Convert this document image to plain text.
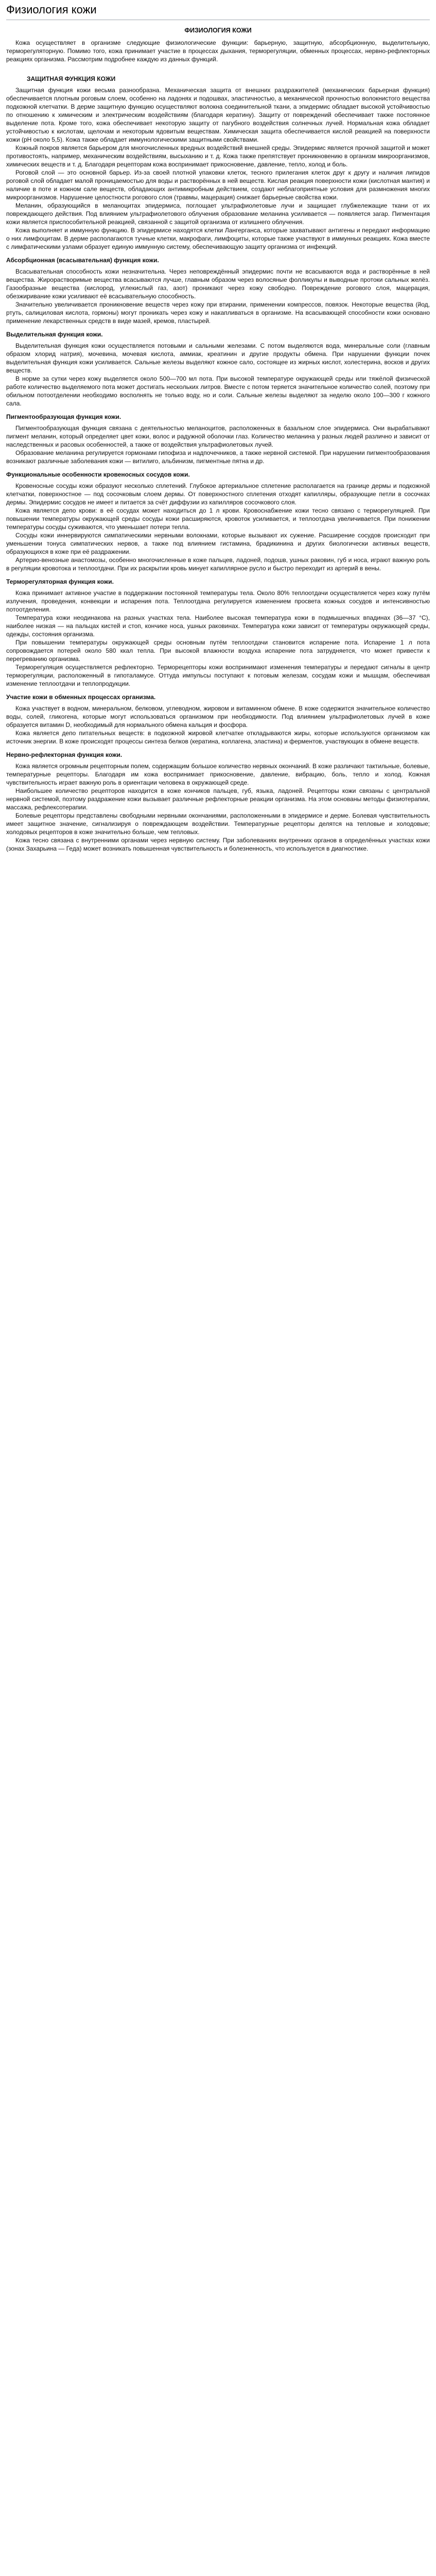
Физиология кожи
ФИЗИОЛОГИЯ КОЖИ

Кожа осуществляет в организме следующие физиологические функции: барьерную, защитную, абсорбционную, выделительную, терморегуляторную. Помимо того, кожа принимает участие в процессах дыхания, терморегуляции, обменных процессах, нервно-рефлекторных реакциях организма. Рассмотрим подробнее каждую из данных функций.

ЗАЩИТНАЯ ФУНКЦИЯ КОЖИ

Защитная функция кожи весьма разнообразна. Механическая защита от внешних раздражителей (механических барьерная функция) обеспечивается плотным роговым слоем, особенно на ладонях и подошвах, эластичностью, а механической прочностью волокнистого вещества подкожной клетчатки. В дерме защитную функцию осуществляют волокна соединительной ткани, а эпидермис обладает высокой устойчивостью по отношению к химическим и электрическим воздействиям (благодаря кератину). Защиту от повреждений обеспечивает также постоянное выделение пота. Кроме того, кожа обеспечивает некоторую защиту от пагубного воздействия солнечных лучей. Нормальная кожа обладает устойчивостью к кислотам, щелочам и некоторым ядовитым веществам. Химическая защита обеспечивается кислой реакцией на поверхности кожи (pH около 5,5). Кожа также обладает иммунологическими защитными свойствами.

Кожный покров является барьером для многочисленных вредных воздействий внешней среды. Эпидермис является прочной защитой и может противостоять, например, механическим воздействиям, высыханию и т. д. Кожа также препятствует проникновению в организм микроорганизмов, химических веществ и т. д. Благодаря рецепторам кожа воспринимает прикосновение, давление, тепло, холод и боль.

Роговой слой — это основной барьер. Из-за своей плотной упаковки клеток, тесного прилегания клеток друг к другу и наличия липидов роговой слой обладает малой проницаемостью для воды и растворённых в ней веществ. Кислая реакция поверхности кожи (кислотная мантия) и наличие в поте и кожном сале веществ, обладающих антимикробным действием, создают неблагоприятные условия для размножения многих микроорганизмов. Нарушение целостности рогового слоя (травмы, мацерация) снижает барьерные свойства кожи.

Меланин, образующийся в меланоцитах эпидермиса, поглощает ультрафиолетовые лучи и защищает глубжележащие ткани от их повреждающего действия. Под влиянием ультрафиолетового облучения образование меланина усиливается — появляется загар. Пигментация кожи является приспособительной реакцией, связанной с защитой организма от излишнего облучения.

Кожа выполняет и иммунную функцию. В эпидермисе находятся клетки Лангерганса, которые захватывают антигены и передают информацию о них лимфоцитам. В дерме располагаются тучные клетки, макрофаги, лимфоциты, которые также участвуют в иммунных реакциях. Кожа вместе с лимфатическими узлами образует единую иммунную систему, обеспечивающую защиту организма от инфекций.

Абсорбционная (всасывательная) функция кожи.

Всасывательная способность кожи незначительна. Через неповреждённый эпидермис почти не всасываются вода и растворённые в ней вещества. Жирорастворимые вещества всасываются лучше, главным образом через волосяные фолликулы и выводные протоки сальных желёз. Газообразные вещества (кислород, углекислый газ, азот) проникают через кожу свободно. Повреждение рогового слоя, мацерация, обезжиривание кожи усиливают её всасывательную способность.

Значительно увеличивается проникновение веществ через кожу при втирании, применении компрессов, повязок. Некоторые вещества (йод, ртуть, салициловая кислота, гормоны) могут проникать через кожу и накапливаться в организме. На всасывающей способности кожи основано применение лекарственных средств в виде мазей, кремов, пластырей.

Выделительная функция кожи.

Выделительная функция кожи осуществляется потовыми и сальными железами. С потом выделяются вода, минеральные соли (главным образом хлорид натрия), мочевина, мочевая кислота, аммиак, креатинин и другие продукты обмена. При нарушении функции почек выделительная функция кожи усиливается. Сальные железы выделяют кожное сало, состоящее из жирных кислот, холестерина, восков и других веществ.

В норме за сутки через кожу выделяется около 500—700 мл пота. При высокой температуре окружающей среды или тяжёлой физической работе количество выделяемого пота может достигать нескольких литров. Вместе с потом теряется значительное количество солей, поэтому при обильном потоотделении необходимо восполнять не только воду, но и соли. Сальные железы выделяют за неделю около 100—300 г кожного сала.

Пигментообразующая функция кожи.

Пигментообразующая функция связана с деятельностью меланоцитов, расположенных в базальном слое эпидермиса. Они вырабатывают пигмент меланин, который определяет цвет кожи, волос и радужной оболочки глаз. Количество меланина у разных людей различно и зависит от наследственных и расовых особенностей, а также от воздействия ультрафиолетовых лучей.

Образование меланина регулируется гормонами гипофиза и надпочечников, а также нервной системой. При нарушении пигментообразования возникают различные заболевания кожи — витилиго, альбинизм, пигментные пятна и др.

Функциональные особенности кровеносных сосудов кожи.

Кровеносные сосуды кожи образуют несколько сплетений. Глубокое артериальное сплетение располагается на границе дермы и подкожной клетчатки, поверхностное — под сосочковым слоем дермы. От поверхностного сплетения отходят капилляры, образующие петли в сосочках дермы. Эпидермис сосудов не имеет и питается за счёт диффузии из капилляров сосочкового слоя.

Кожа является депо крови: в её сосудах может находиться до 1 л крови. Кровоснабжение кожи тесно связано с терморегуляцией. При повышении температуры окружающей среды сосуды кожи расширяются, кровоток усиливается, и теплоотдача увеличивается. При понижении температуры сосуды суживаются, что уменьшает потери тепла.

Сосуды кожи иннервируются симпатическими нервными волокнами, которые вызывают их сужение. Расширение сосудов происходит при уменьшении тонуса симпатических нервов, а также под влиянием гистамина, брадикинина и других биологически активных веществ, образующихся в коже при её раздражении.

Артерио-венозные анастомозы, особенно многочисленные в коже пальцев, ладоней, подошв, ушных раковин, губ и носа, играют важную роль в регуляции кровотока и теплоотдачи. При их раскрытии кровь минует капиллярное русло и быстро переходит из артерий в вены.

Терморегуляторная функция кожи.

Кожа принимает активное участие в поддержании постоянной температуры тела. Около 80% теплоотдачи осуществляется через кожу путём излучения, проведения, конвекции и испарения пота. Теплоотдача регулируется изменением просвета кожных сосудов и интенсивностью потоотделения.

Температура кожи неодинакова на разных участках тела. Наиболее высокая температура кожи в подмышечных впадинах (36—37 °С), наиболее низкая — на пальцах кистей и стоп, кончике носа, ушных раковинах. Температура кожи зависит от температуры окружающей среды, одежды, состояния организма.

При повышении температуры окружающей среды основным путём теплоотдачи становится испарение пота. Испарение 1 л пота сопровождается потерей около 580 ккал тепла. При высокой влажности воздуха испарение пота затрудняется, что может привести к перегреванию организма.

Терморегуляция осуществляется рефлекторно. Терморецепторы кожи воспринимают изменения температуры и передают сигналы в центр терморегуляции, расположенный в гипоталамусе. Оттуда импульсы поступают к потовым железам, сосудам кожи и мышцам, обеспечивая изменение теплоотдачи и теплопродукции.

Участие кожи в обменных процессах организма.

Кожа участвует в водном, минеральном, белковом, углеводном, жировом и витаминном обмене. В коже содержится значительное количество воды, солей, гликогена, которые могут использоваться организмом при необходимости. Под влиянием ультрафиолетовых лучей в коже образуется витамин D, необходимый для нормального обмена кальция и фосфора.

Кожа является депо питательных веществ: в подкожной жировой клетчатке откладываются жиры, которые используются организмом как источник энергии. В коже происходят процессы синтеза белков (кератина, коллагена, эластина) и ферментов, участвующих в обмене веществ.

Нервно-рефлекторная функция кожи.

Кожа является огромным рецепторным полем, содержащим большое количество нервных окончаний. В коже различают тактильные, болевые, температурные рецепторы. Благодаря им кожа воспринимает прикосновение, давление, вибрацию, боль, тепло и холод. Кожная чувствительность играет важную роль в ориентации человека в окружающей среде.

Наибольшее количество рецепторов находится в коже кончиков пальцев, губ, языка, ладоней. Рецепторы кожи связаны с центральной нервной системой, поэтому раздражение кожи вызывает различные рефлекторные реакции организма. На этом основаны методы физиотерапии, массажа, рефлексотерапии.

Болевые рецепторы представлены свободными нервными окончаниями, расположенными в эпидермисе и дерме. Болевая чувствительность имеет защитное значение, сигнализируя о повреждающем воздействии. Температурные рецепторы делятся на тепловые и холодовые; холодовых рецепторов в коже значительно больше, чем тепловых.

Кожа тесно связана с внутренними органами через нервную систему. При заболеваниях внутренних органов в определённых участках кожи (зонах Захарьина — Геда) может возникать повышенная чувствительность и болезненность, что используется в диагностике.
